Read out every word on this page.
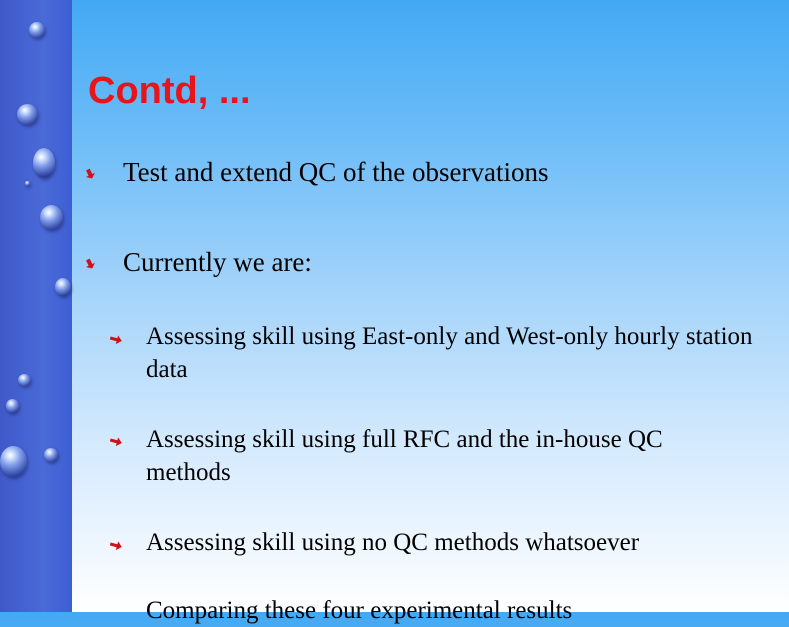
Contd, ...
Test and extend QC of the observations
Currently we are:
Assessing skill using East-only and West-only hourly station data
Assessing skill using full RFC and the in-house QC methods
Assessing skill using no QC methods whatsoever
Comparing these four experimental results
